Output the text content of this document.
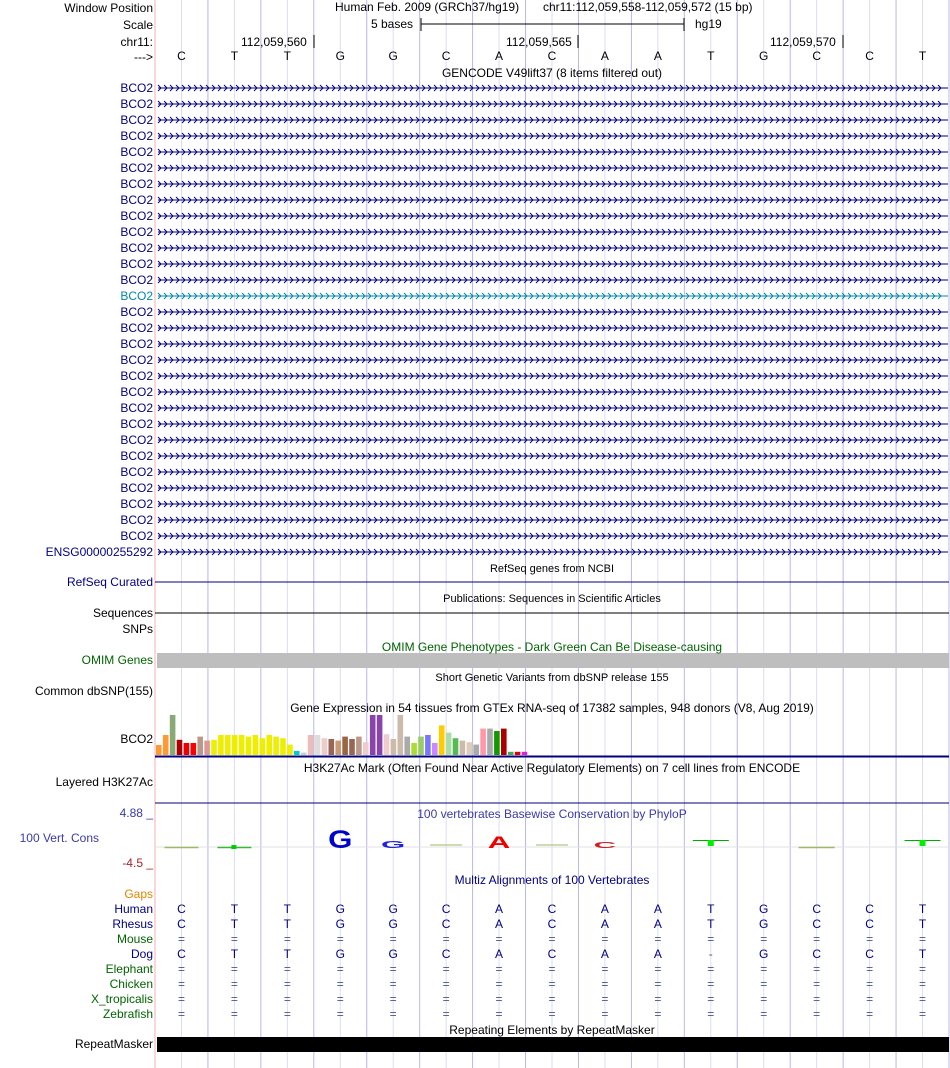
G G	A	C
Window Position
Scale
chr11:
--->
Human Feb. 2009 (GRCh37/hg19) chr11:112,059,558-112,059,572 (15 bp)
5 bases	hg19
112,059,560	112,059,565	112,059,570
C	T	T	G	G	C	A	C	A	A	T	G	C	C	T
GENCODE V49lift37 (8 items filtered out)
BCO2
BCO2
BCO2
BCO2
BCO2
BCO2
BCO2
BCO2
BCO2
BCO2
BCO2
BCO2
BCO2
BCO2
BCO2
BCO2
BCO2
BCO2
BCO2
BCO2
BCO2
BCO2
BCO2
BCO2
BCO2
BCO2
BCO2
BCO2
BCO2
ENSG00000255292
RefSeq genes from NCBI
RefSeq Curated
Publications: Sequences in Scientific Articles
Sequences
SNPs
OMIM Gene Phenotypes - Dark Green Can Be Disease-causing
OMIM Genes
Short Genetic Variants from dbSNP release 155
Common dbSNP(155)
Gene Expression in 54 tissues from GTEx RNA-seq of 17382 samples, 948 donors (V8, Aug 2019)
BCO2
H3K27Ac Mark (Often Found Near Active Regulatory Elements) on 7 cell lines from ENCODE
Layered H3K27Ac
100 vertebrates Basewise Conservation by PhyloP
4.88 _
100 Vert. Cons
-4.5 _
Multiz Alignments of 100 Vertebrates
Gaps
Human	C	T	T	G	G	C	A	C	A	A	T	G	C	C	T
Rhesus	C	T	T	G	G	C	A	C	A	A	T	G	C	C	T
Mouse	=	=	=	=	=	=	=	=	=	=	=	=	=	=	=
Dog	C	T	T	G	G	C	A	C	A	A	-	G	C	C	T
Elephant	=	=	=	=	=	=	=	=	=	=	=	=	=	=	=
Chicken	=	=	=	=	=	=	=	=	=	=	=	=	=	=	=
X_tropicalis	=	=	=	=	=	=	=	=	=	=	=	=	=	=	=
Zebrafish	=	=	=	=	=	=	=	=	=	=	=	=	=	=	=
Repeating Elements by RepeatMasker
RepeatMasker
